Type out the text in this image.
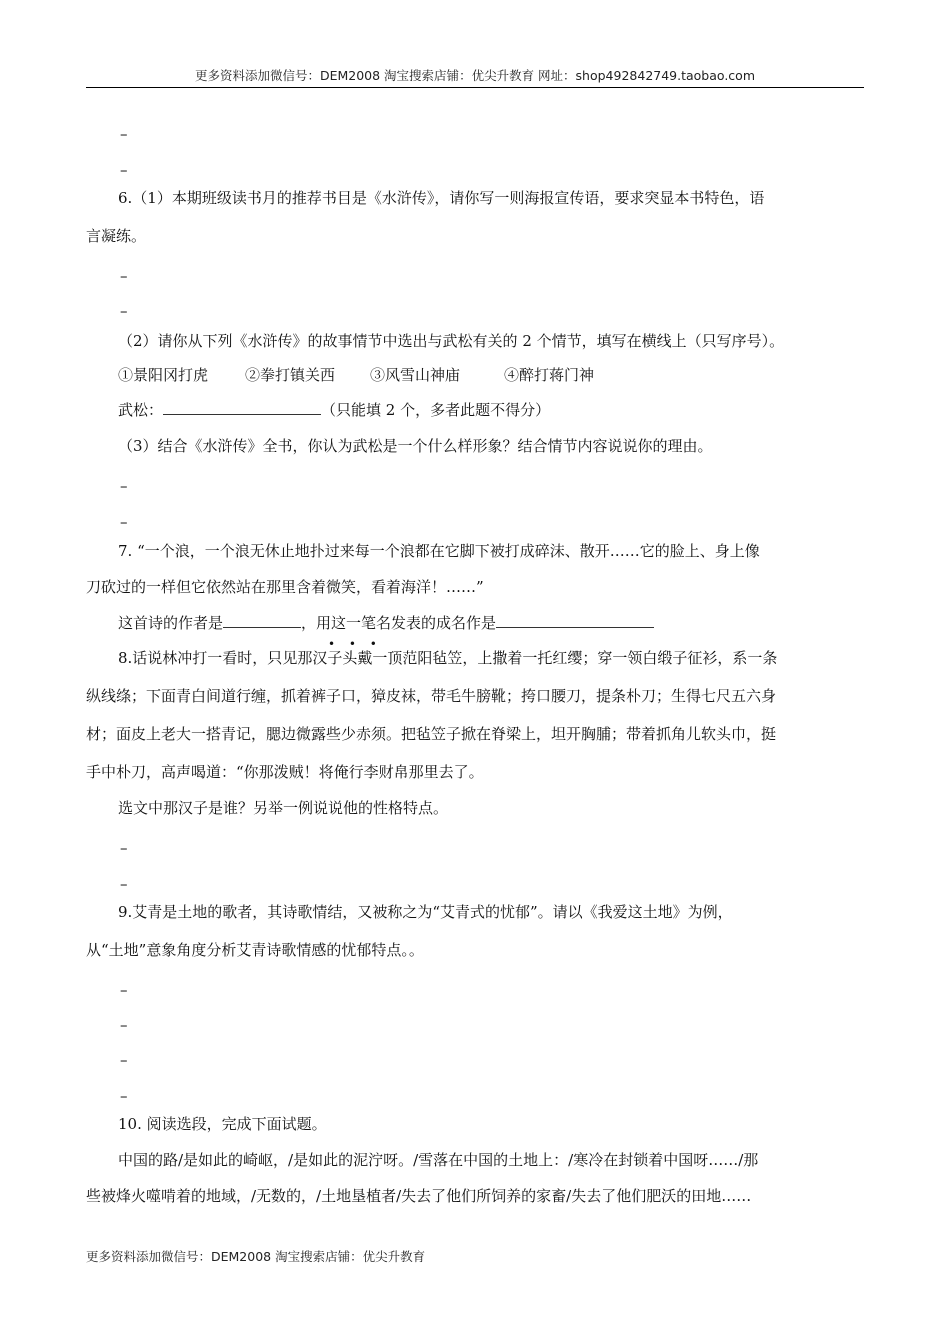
更多资料添加微信号：DEM2008 淘宝搜索店铺：优尖升教育 网址：shop492842749.taobao.com
–
–
6.（1）本期班级读书月的推荐书目是《水浒传》，请你写一则海报宣传语，要求突显本书特色，语
言凝练。
–
–
（2）请你从下列《水浒传》的故事情节中选出与武松有关的 2 个情节，填写在横线上（只写序号）。
①景阳冈打虎 ②拳打镇关西 ③风雪山神庙	④醉打蒋门神
武松：	（只能填 2 个，多者此题不得分）
（3）结合《水浒传》全书，你认为武松是一个什么样形象？结合情节内容说说你的理由。
–
–
7. “一个浪，一个浪无休止地扑过来每一个浪都在它脚下被打成碎沫、散开……它的脸上、身上像
刀砍过的一样但它依然站在那里含着微笑，看着海洋！……”
这首诗的作者是	，用这一笔名发表的成名作是
• • •
8.话说林冲打一看时，只见那汉子头戴一顶范阳毡笠，上撒着一托红缨；穿一领白缎子征衫，系一条
纵线绦；下面青白间道行缠，抓着裤子口，獐皮袜，带毛牛膀靴；挎口腰刀，提条朴刀；生得七尺五六身
材；面皮上老大一搭青记，腮边微露些少赤须。把毡笠子掀在脊梁上，坦开胸脯；带着抓角儿软头巾，挺
手中朴刀，高声喝道：“你那泼贼！将俺行李财帛那里去了。
选文中那汉子是谁？另举一例说说他的性格特点。
–
–
9.艾青是土地的歌者，其诗歌情结，又被称之为“艾青式的忧郁”。请以《我爱这土地》为例，
从“土地”意象角度分析艾青诗歌情感的忧郁特点。。
–
–
–
–
10. 阅读选段，完成下面试题。
中国的路/是如此的崎岖，/是如此的泥泞呀。/雪落在中国的土地上：/寒冷在封锁着中国呀……/那
些被烽火噬啃着的地域，/无数的，/土地垦植者/失去了他们所饲养的家畜/失去了他们肥沃的田地……
更多资料添加微信号：DEM2008 淘宝搜索店铺：优尖升教育
